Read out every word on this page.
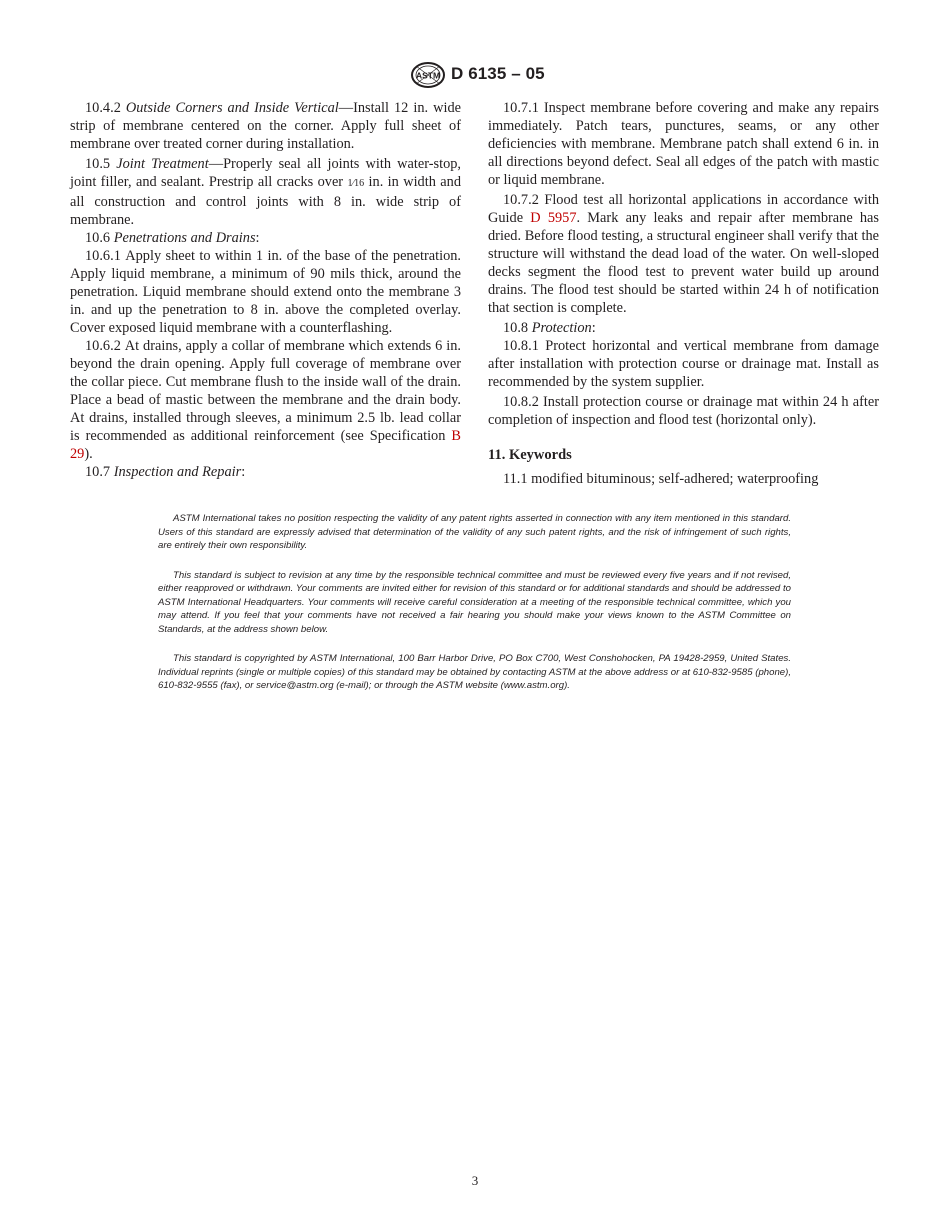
ASTM D 6135 – 05

10.4.2 Outside Corners and Inside Vertical—Install 12 in. wide strip of membrane centered on the corner. Apply full sheet of membrane over treated corner during installation.

10.5 Joint Treatment—Properly seal all joints with water-stop, joint filler, and sealant. Prestrip all cracks over 1⁄16 in. in width and all construction and control joints with 8 in. wide strip of membrane.

10.6 Penetrations and Drains:

10.6.1 Apply sheet to within 1 in. of the base of the penetration. Apply liquid membrane, a minimum of 90 mils thick, around the penetration. Liquid membrane should extend onto the membrane 3 in. and up the penetration to 8 in. above the completed overlay. Cover exposed liquid membrane with a counterflashing.

10.6.2 At drains, apply a collar of membrane which extends 6 in. beyond the drain opening. Apply full coverage of membrane over the collar piece. Cut membrane flush to the inside wall of the drain. Place a bead of mastic between the membrane and the drain body. At drains, installed through sleeves, a minimum 2.5 lb. lead collar is recommended as additional reinforcement (see Specification B 29).

10.7 Inspection and Repair:

10.7.1 Inspect membrane before covering and make any repairs immediately. Patch tears, punctures, seams, or any other deficiencies with membrane. Membrane patch shall extend 6 in. in all directions beyond defect. Seal all edges of the patch with mastic or liquid membrane.

10.7.2 Flood test all horizontal applications in accordance with Guide D 5957. Mark any leaks and repair after membrane has dried. Before flood testing, a structural engineer shall verify that the structure will withstand the dead load of the water. On well-sloped decks segment the flood test to prevent water build up around drains. The flood test should be started within 24 h of notification that section is complete.

10.8 Protection:

10.8.1 Protect horizontal and vertical membrane from damage after installation with protection course or drainage mat. Install as recommended by the system supplier.

10.8.2 Install protection course or drainage mat within 24 h after completion of inspection and flood test (horizontal only).

11. Keywords

11.1 modified bituminous; self-adhered; waterproofing

ASTM International takes no position respecting the validity of any patent rights asserted in connection with any item mentioned in this standard. Users of this standard are expressly advised that determination of the validity of any such patent rights, and the risk of infringement of such rights, are entirely their own responsibility.

This standard is subject to revision at any time by the responsible technical committee and must be reviewed every five years and if not revised, either reapproved or withdrawn. Your comments are invited either for revision of this standard or for additional standards and should be addressed to ASTM International Headquarters. Your comments will receive careful consideration at a meeting of the responsible technical committee, which you may attend. If you feel that your comments have not received a fair hearing you should make your views known to the ASTM Committee on Standards, at the address shown below.

This standard is copyrighted by ASTM International, 100 Barr Harbor Drive, PO Box C700, West Conshohocken, PA 19428-2959, United States. Individual reprints (single or multiple copies) of this standard may be obtained by contacting ASTM at the above address or at 610-832-9585 (phone), 610-832-9555 (fax), or service@astm.org (e-mail); or through the ASTM website (www.astm.org).

3
